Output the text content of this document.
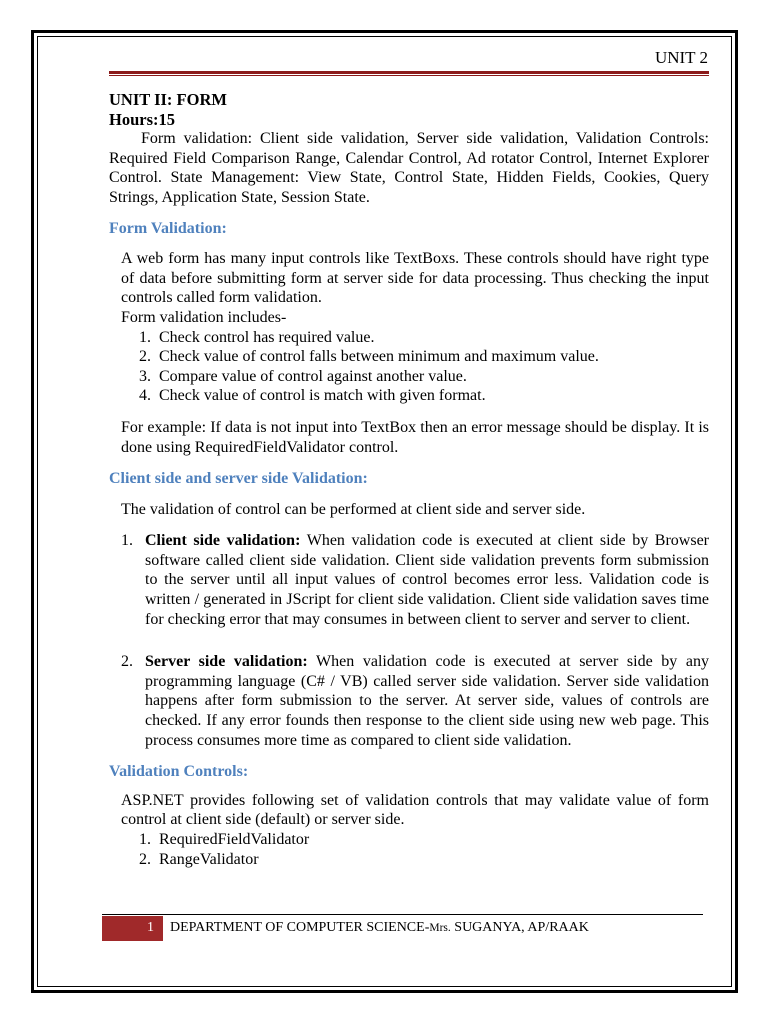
UNIT 2
UNIT II: FORM
Hours:15
Form validation: Client side validation, Server side validation, Validation Controls: Required Field Comparison Range, Calendar Control, Ad rotator Control, Internet Explorer Control. State Management: View State, Control State, Hidden Fields, Cookies, Query Strings, Application State, Session State.
Form Validation:
A web form has many input controls like TextBoxs. These controls should have right type of data before submitting form at server side for data processing. Thus checking the input controls called form validation.
Form validation includes-
1. Check control has required value.
2. Check value of control falls between minimum and maximum value.
3. Compare value of control against another value.
4. Check value of control is match with given format.
For example: If data is not input into TextBox then an error message should be display. It is done using RequiredFieldValidator control.
Client side and server side Validation:
The validation of control can be performed at client side and server side.
1. Client side validation: When validation code is executed at client side by Browser software called client side validation. Client side validation prevents form submission to the server until all input values of control becomes error less. Validation code is written / generated in JScript for client side validation. Client side validation saves time for checking error that may consumes in between client to server and server to client.
2. Server side validation: When validation code is executed at server side by any programming language (C# / VB) called server side validation. Server side validation happens after form submission to the server. At server side, values of controls are checked. If any error founds then response to the client side using new web page. This process consumes more time as compared to client side validation.
Validation Controls:
ASP.NET provides following set of validation controls that may validate value of form control at client side (default) or server side.
1. RequiredFieldValidator
2. RangeValidator
1 DEPARTMENT OF COMPUTER SCIENCE-Mrs. SUGANYA, AP/RAAK
